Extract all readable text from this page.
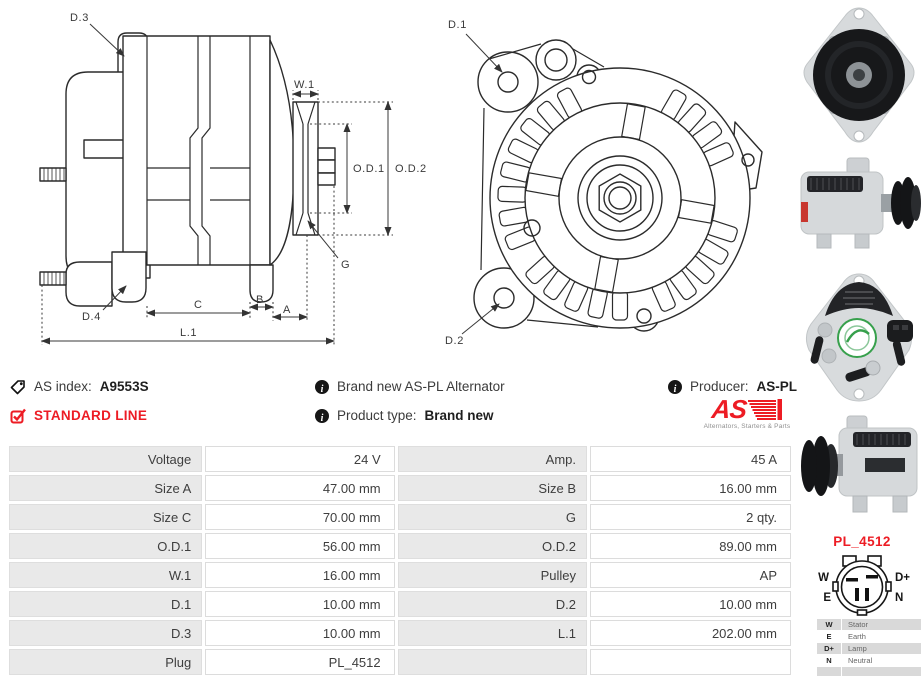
D.3
W.1
O.D.1 O.D.2
G
D.4
C	B
A
L.1
D.1
D.2
AS index: A9553S i	Brand new AS-PL Alternator i	Producer: AS-PL
STANDARD LINE i	Product type: Brand new	AS
Alternators, Starters & Parts
Voltage	24 V	Amp.	45 A
Size A	47.00 mm	Size B	16.00 mm
Size C	70.00 mm	G	2 qty.
O.D.1	56.00 mm	O.D.2	89.00 mm
W.1	16.00 mm	Pulley	AP
D.1	10.00 mm	D.2	10.00 mm
D.3	10.00 mm	L.1	202.00 mm
Plug	PL_4512		
PL_4512
W	D+
E	N
W	Stator
E	Earth
D+	Lamp
N	Neutral
